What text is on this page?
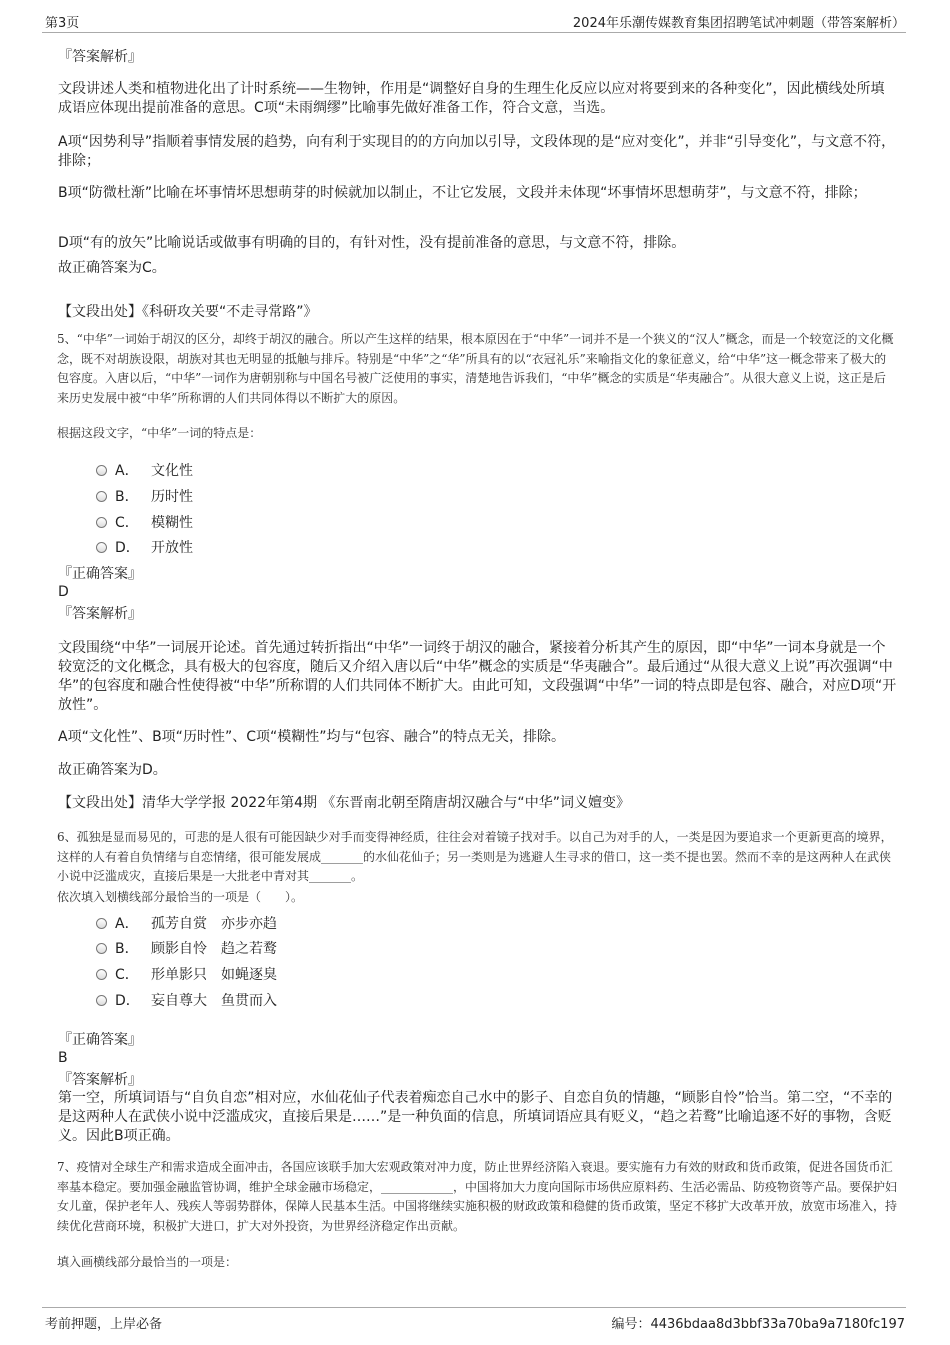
第3页	2024年乐潮传媒教育集团招聘笔试冲刺题（带答案解析）
『答案解析』
文段讲述人类和植物进化出了计时系统——生物钟，作用是“调整好自身的生理生化反应以应对将要到来的各种变化”，因此横线处所填成语应体现出提前准备的意思。C项“未雨绸缪”比喻事先做好准备工作，符合文意，当选。
A项“因势利导”指顺着事情发展的趋势，向有利于实现目的的方向加以引导，文段体现的是“应对变化”，并非“引导变化”，与文意不符，排除；
B项“防微杜渐”比喻在坏事情坏思想萌芽的时候就加以制止，不让它发展，文段并未体现“坏事情坏思想萌芽”，与文意不符，排除；
D项“有的放矢”比喻说话或做事有明确的目的，有针对性，没有提前准备的意思，与文意不符，排除。
故正确答案为C。
【文段出处】《科研攻关要“不走寻常路”》
5、“中华”一词始于胡汉的区分，却终于胡汉的融合。所以产生这样的结果，根本原因在于“中华”一词并不是一个狭义的“汉人”概念，而是一个较宽泛的文化概念，既不对胡族设限，胡族对其也无明显的抵触与排斥。特别是“中华”之“华”所具有的以“衣冠礼乐”来喻指文化的象征意义，给“中华”这一概念带来了极大的包容度。入唐以后，“中华”一词作为唐朝别称与中国名号被广泛使用的事实，清楚地告诉我们，“中华”概念的实质是“华夷融合”。从很大意义上说，这正是后来历史发展中被“中华”所称谓的人们共同体得以不断扩大的原因。
根据这段文字，“中华”一词的特点是：
A． 文化性
B． 历时性
C． 模糊性
D． 开放性
『正确答案』
D
『答案解析』
文段围绕“中华”一词展开论述。首先通过转折指出“中华”一词终于胡汉的融合，紧接着分析其产生的原因，即“中华”一词本身就是一个较宽泛的文化概念，具有极大的包容度，随后又介绍入唐以后“中华”概念的实质是“华夷融合”。最后通过“从很大意义上说”再次强调“中华”的包容度和融合性使得被“中华”所称谓的人们共同体不断扩大。由此可知，文段强调“中华”一词的特点即是包容、融合，对应D项“开放性”。
A项“文化性”、B项“历时性”、C项“模糊性”均与“包容、融合”的特点无关，排除。
故正确答案为D。
【文段出处】清华大学学报 2022年第4期 《东晋南北朝至隋唐胡汉融合与“中华”词义嬗变》
6、孤独是显而易见的，可悲的是人很有可能因缺少对手而变得神经质，往往会对着镜子找对手。以自己为对手的人，一类是因为要追求一个更新更高的境界，这样的人有着自负情绪与自恋情绪，很可能发展成_______的水仙花仙子；另一类则是为逃避人生寻求的借口，这一类不提也罢。然而不幸的是这两种人在武侠小说中泛滥成灾，直接后果是一大批老中青对其_______。
依次填入划横线部分最恰当的一项是（　　）。
A． 孤芳自赏　亦步亦趋
B． 顾影自怜　趋之若鹜
C． 形单影只　如蝇逐臭
D． 妄自尊大　鱼贯而入
『正确答案』
B
『答案解析』
第一空，所填词语与“自负自恋”相对应，水仙花仙子代表着痴恋自己水中的影子、自恋自负的情趣，“顾影自怜”恰当。第二空，“不幸的是这两种人在武侠小说中泛滥成灾，直接后果是……”是一种负面的信息，所填词语应具有贬义，“趋之若鹜”比喻追逐不好的事物，含贬义。因此B项正确。
7、疫情对全球生产和需求造成全面冲击，各国应该联手加大宏观政策对冲力度，防止世界经济陷入衰退。要实施有力有效的财政和货币政策，促进各国货币汇率基本稳定。要加强金融监管协调，维护全球金融市场稳定，____________，中国将加大力度向国际市场供应原料药、生活必需品、防疫物资等产品。要保护妇女儿童，保护老年人、残疾人等弱势群体，保障人民基本生活。中国将继续实施积极的财政政策和稳健的货币政策，坚定不移扩大改革开放，放宽市场准入，持续优化营商环境，积极扩大进口，扩大对外投资，为世界经济稳定作出贡献。
填入画横线部分最恰当的一项是：
考前押题，上岸必备	编号：4436bdaa8d3bbf33a70ba9a7180fc197
